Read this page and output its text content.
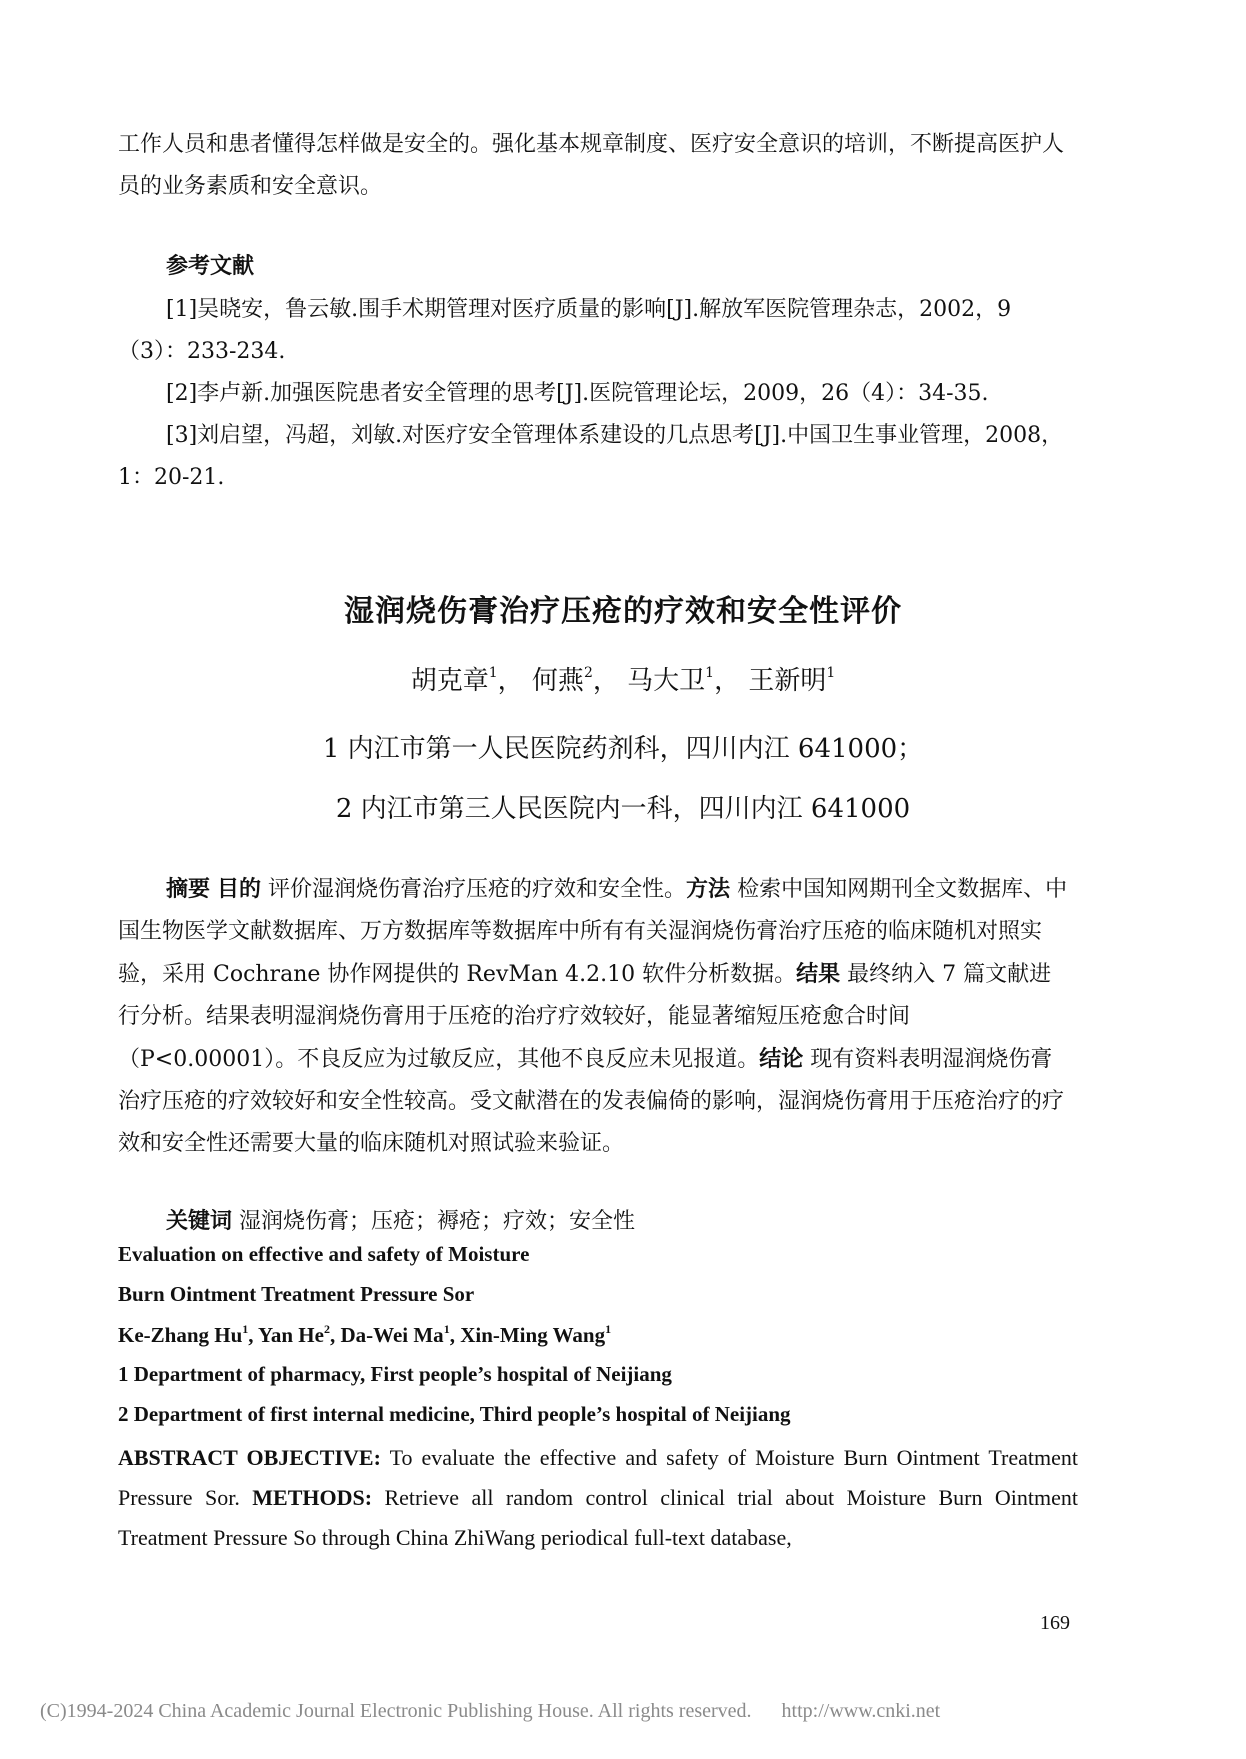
工作人员和患者懂得怎样做是安全的。强化基本规章制度、医疗安全意识的培训，不断提高医护人员的业务素质和安全意识。
参考文献

[1]吴晓安，鲁云敏.围手术期管理对医疗质量的影响[J].解放军医院管理杂志，2002，9（3）：233-234.

[2]李卢新.加强医院患者安全管理的思考[J].医院管理论坛，2009，26（4）：34-35.

[3]刘启望，冯超，刘敏.对医疗安全管理体系建设的几点思考[J].中国卫生事业管理，2008，1：20-21.

湿润烧伤膏治疗压疮的疗效和安全性评价
胡克章$^1$， 何燕$^2$， 马大卫$^1$， 王新明$^1$
1 内江市第一人民医院药剂科，四川内江 641000；
2 内江市第三人民医院内一科，四川内江 641000
摘要 目的 评价湿润烧伤膏治疗压疮的疗效和安全性。方法 检索中国知网期刊全文数据库、中国生物医学文献数据库、万方数据库等数据库中所有有关湿润烧伤膏治疗压疮的临床随机对照实验，采用 Cochrane 协作网提供的 RevMan 4.2.10 软件分析数据。结果 最终纳入 7 篇文献进行分析。结果表明湿润烧伤膏用于压疮的治疗疗效较好，能显著缩短压疮愈合时间（P<0.00001）。不良反应为过敏反应，其他不良反应未见报道。结论 现有资料表明湿润烧伤膏治疗压疮的疗效较好和安全性较高。受文献潜在的发表偏倚的影响，湿润烧伤膏用于压疮治疗的疗效和安全性还需要大量的临床随机对照试验来验证。
关键词 湿润烧伤膏；压疮；褥疮；疗效；安全性
Evaluation on effective and safety of Moisture
Burn Ointment Treatment Pressure Sor
Ke-Zhang Hu$^1$, Yan He$^2$, Da-Wei Ma$^1$, Xin-Ming Wang$^1$
1 Department of pharmacy, First people’s hospital of Neijiang
2 Department of first internal medicine, Third people’s hospital of Neijiang
ABSTRACT OBJECTIVE: To evaluate the effective and safety of Moisture Burn Ointment Treatment Pressure Sor. METHODS: Retrieve all random control clinical trial about Moisture Burn Ointment Treatment Pressure So through China ZhiWang periodical full-text database,
169
(C)1994-2024 China Academic Journal Electronic Publishing House. All rights reserved. http://www.cnki.net
